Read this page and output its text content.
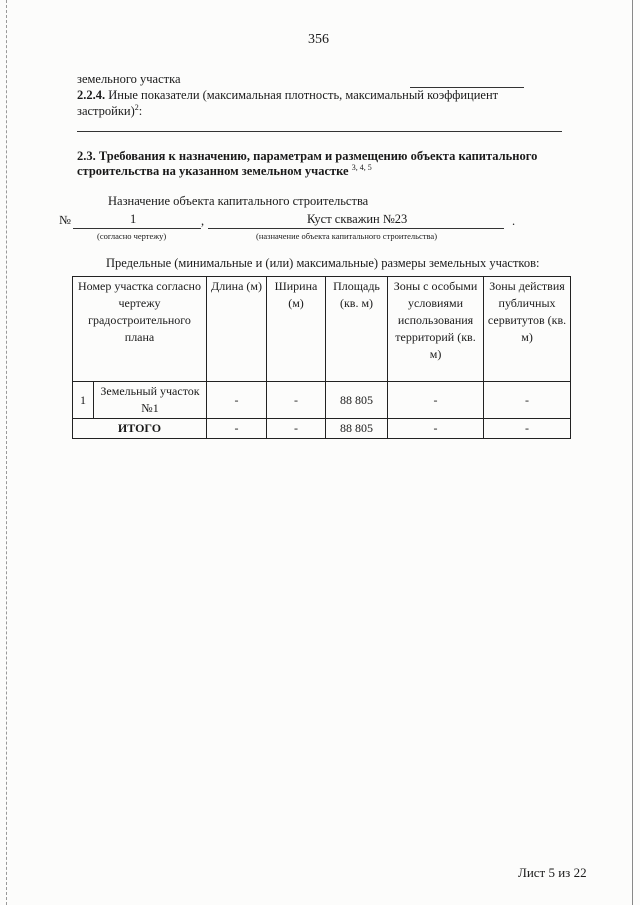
356
земельного участка
2.2.4. Иные показатели (максимальная плотность, максимальный коэффициент
застройки)$^2$:
2.3. Требования к назначению, параметрам и размещению объекта капитального
строительства на указанном земельном участке $^{3, 4, 5}$
Назначение объекта капитального строительства
№	1	,	Куст скважин №23	.
(согласно чертежу)	(назначение объекта капитального строительства)
Предельные (минимальные и (или) максимальные) размеры земельных участков:
Номер участка согласно чертежу градостроительного плана		Длина (м)	Ширина (м)	Площадь (кв. м)	Зоны с особыми условиями использования территорий (кв. м)	Зоны действия публичных сервитутов (кв. м)
1	Земельный участок №1	-	-	88 805	-	-
ИТОГО		-	-	88 805	-	-
Лист 5 из 22
